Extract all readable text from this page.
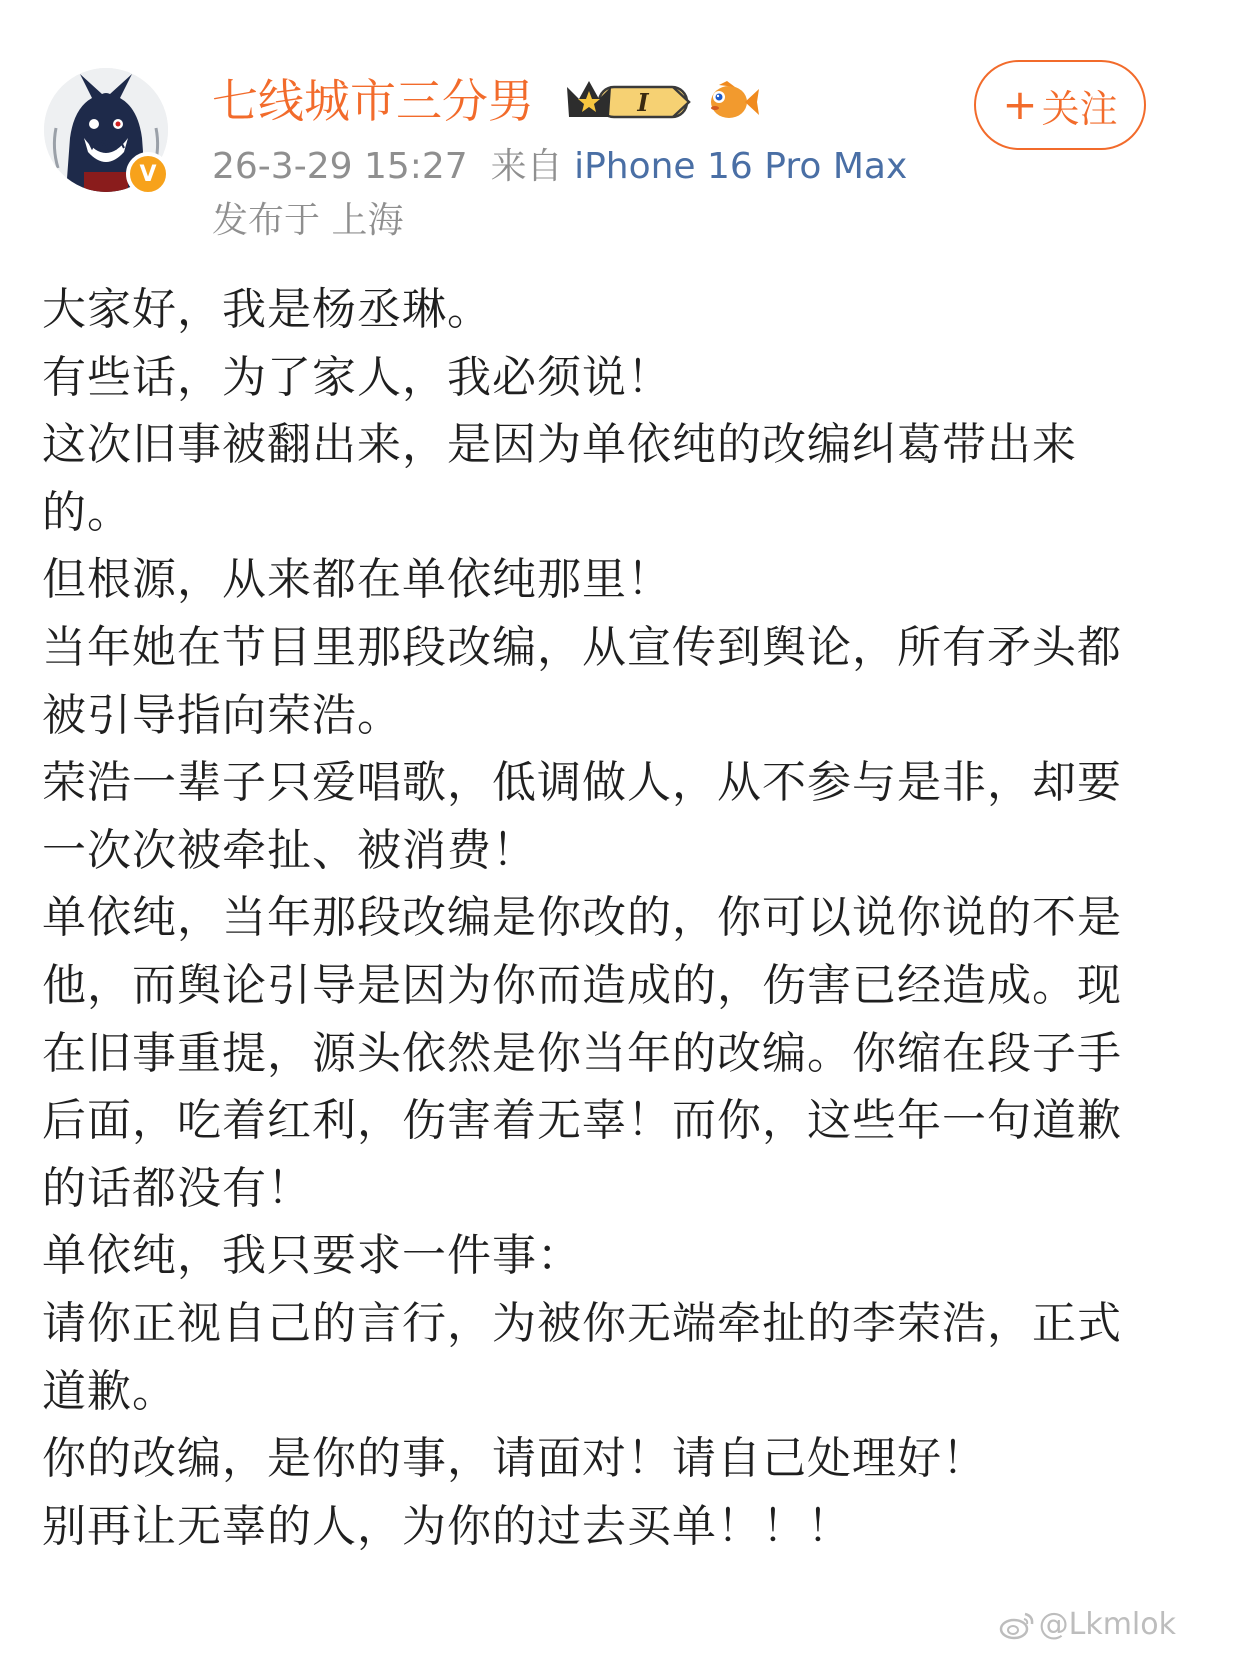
V
七线城市三分男	I
26-3-29 15:27 来自 iPhone 16 Pro Max
发布于 上海
+ 关注

大家好，我是杨丞琳。

有些话，为了家人，我必须说！

这次旧事被翻出来，是因为单依纯的改编纠葛带出来的。

但根源，从来都在单依纯那里！

当年她在节目里那段改编，从宣传到舆论，所有矛头都被引导指向荣浩。

荣浩一辈子只爱唱歌，低调做人，从不参与是非，却要一次次被牵扯、被消费！

单依纯，当年那段改编是你改的，你可以说你说的不是他，而舆论引导是因为你而造成的，伤害已经造成。现在旧事重提，源头依然是你当年的改编。你缩在段子手后面，吃着红利，伤害着无辜！而你，这些年一句道歉的话都没有！

单依纯，我只要求一件事：

请你正视自己的言行，为被你无端牵扯的李荣浩，正式道歉。

你的改编，是你的事，请面对！请自己处理好！

别再让无辜的人，为你的过去买单！！！

@Lkmlok
